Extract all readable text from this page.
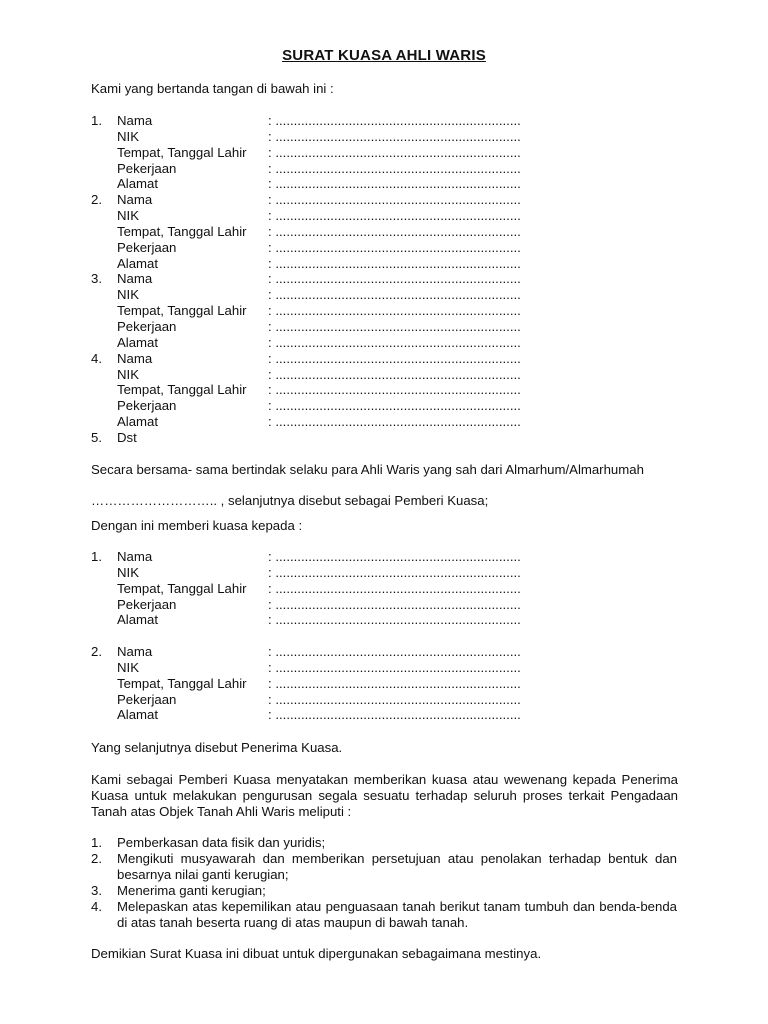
SURAT KUASA AHLI WARIS
Kami yang bertanda tangan di bawah ini :
1. Nama	: ...................................................................
NIK	: ...................................................................
Tempat, Tanggal Lahir : ...................................................................
Pekerjaan	: ...................................................................
Alamat	: ...................................................................
2. Nama	: ...................................................................
NIK	: ...................................................................
Tempat, Tanggal Lahir : ...................................................................
Pekerjaan	: ...................................................................
Alamat	: ...................................................................
3. Nama	: ...................................................................
NIK	: ...................................................................
Tempat, Tanggal Lahir : ...................................................................
Pekerjaan	: ...................................................................
Alamat	: ...................................................................
4. Nama	: ...................................................................
NIK	: ...................................................................
Tempat, Tanggal Lahir : ...................................................................
Pekerjaan	: ...................................................................
Alamat	: ...................................................................
5. Dst
Secara bersama- sama bertindak selaku para Ahli Waris yang sah dari Almarhum/Almarhumah
……………………….. , selanjutnya disebut sebagai Pemberi Kuasa;
Dengan ini memberi kuasa kepada :
1. Nama	: ...................................................................
NIK	: ...................................................................
Tempat, Tanggal Lahir : ...................................................................
Pekerjaan	: ...................................................................
Alamat	: ...................................................................
2. Nama	: ...................................................................
NIK	: ...................................................................
Tempat, Tanggal Lahir : ...................................................................
Pekerjaan	: ...................................................................
Alamat	: ...................................................................
Yang selanjutnya disebut Penerima Kuasa.
Kami sebagai Pemberi Kuasa menyatakan memberikan kuasa atau wewenang kepada Penerima Kuasa untuk melakukan pengurusan segala sesuatu terhadap seluruh proses terkait Pengadaan Tanah atas Objek Tanah Ahli Waris meliputi :
1. Pemberkasan data fisik dan yuridis;
2. Mengikuti musyawarah dan memberikan persetujuan atau penolakan terhadap bentuk dan besarnya nilai ganti kerugian;
3. Menerima ganti kerugian;
4. Melepaskan atas kepemilikan atau penguasaan tanah berikut tanam tumbuh dan benda-benda di atas tanah beserta ruang di atas maupun di bawah tanah.
Demikian Surat Kuasa ini dibuat untuk dipergunakan sebagaimana mestinya.
